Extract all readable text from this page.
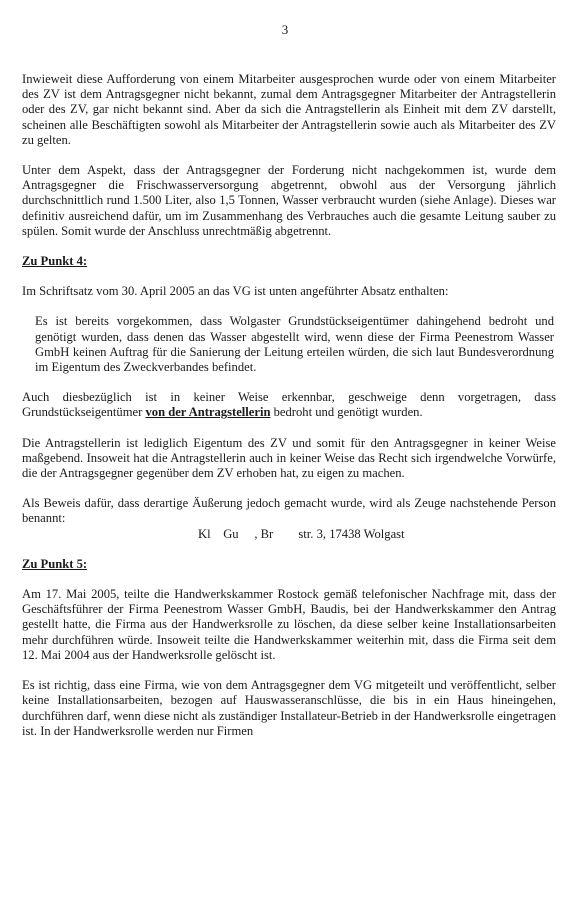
3

Inwieweit diese Aufforderung von einem Mitarbeiter ausgesprochen wurde oder von einem Mitarbeiter des ZV ist dem Antragsgegner nicht bekannt, zumal dem Antragsgegner Mitarbeiter der Antragstellerin oder des ZV, gar nicht bekannt sind. Aber da sich die Antragstellerin als Einheit mit dem ZV darstellt, scheinen alle Beschäftigten sowohl als Mitarbeiter der Antragstellerin sowie auch als Mitarbeiter des ZV zu gelten.

Unter dem Aspekt, dass der Antragsgegner der Forderung nicht nachgekommen ist, wurde dem Antragsgegner die Frischwasserversorgung abgetrennt, obwohl aus der Versorgung jährlich durchschnittlich rund 1.500 Liter, also 1,5 Tonnen, Wasser verbraucht wurden (siehe Anlage). Dieses war definitiv ausreichend dafür, um im Zusammenhang des Verbrauches auch die gesamte Leitung sauber zu spülen. Somit wurde der Anschluss unrechtmäßig abgetrennt.

Zu Punkt 4:

Im Schriftsatz vom 30. April 2005 an das VG ist unten angeführter Absatz enthalten:

Es ist bereits vorgekommen, dass Wolgaster Grundstückseigentümer dahingehend bedroht und genötigt wurden, dass denen das Wasser abgestellt wird, wenn diese der Firma Peenestrom Wasser GmbH keinen Auftrag für die Sanierung der Leitung erteilen würden, die sich laut Bundesverordnung im Eigentum des Zweckverbandes befindet.

Auch diesbezüglich ist in keiner Weise erkennbar, geschweige denn vorgetragen, dass Grundstückseigentümer von der Antragstellerin bedroht und genötigt wurden.

Die Antragstellerin ist lediglich Eigentum des ZV und somit für den Antragsgegner in keiner Weise maßgebend. Insoweit hat die Antragstellerin auch in keiner Weise das Recht sich irgendwelche Vorwürfe, die der Antragsgegner gegenüber dem ZV erhoben hat, zu eigen zu machen.

Als Beweis dafür, dass derartige Äußerung jedoch gemacht wurde, wird als Zeuge nachstehende Person benannt:

Kl    Gu     , Br        str. 3, 17438 Wolgast

Zu Punkt 5:

Am 17. Mai 2005, teilte die Handwerkskammer Rostock gemäß telefonischer Nachfrage mit, dass der Geschäftsführer der Firma Peenestrom Wasser GmbH, Baudis, bei der Handwerkskammer den Antrag gestellt hatte, die Firma aus der Handwerksrolle zu löschen, da diese selber keine Installationsarbeiten mehr durchführen würde. Insoweit teilte die Handwerkskammer weiterhin mit, dass die Firma seit dem 12. Mai 2004 aus der Handwerksrolle gelöscht ist.

Es ist richtig, dass eine Firma, wie von dem Antragsgegner dem VG mitgeteilt und veröffentlicht, selber keine Installationsarbeiten, bezogen auf Hauswasseranschlüsse, die bis in ein Haus hineingehen, durchführen darf, wenn diese nicht als zuständiger Installateur-Betrieb in der Handwerksrolle eingetragen ist. In der Handwerksrolle werden nur Firmen
